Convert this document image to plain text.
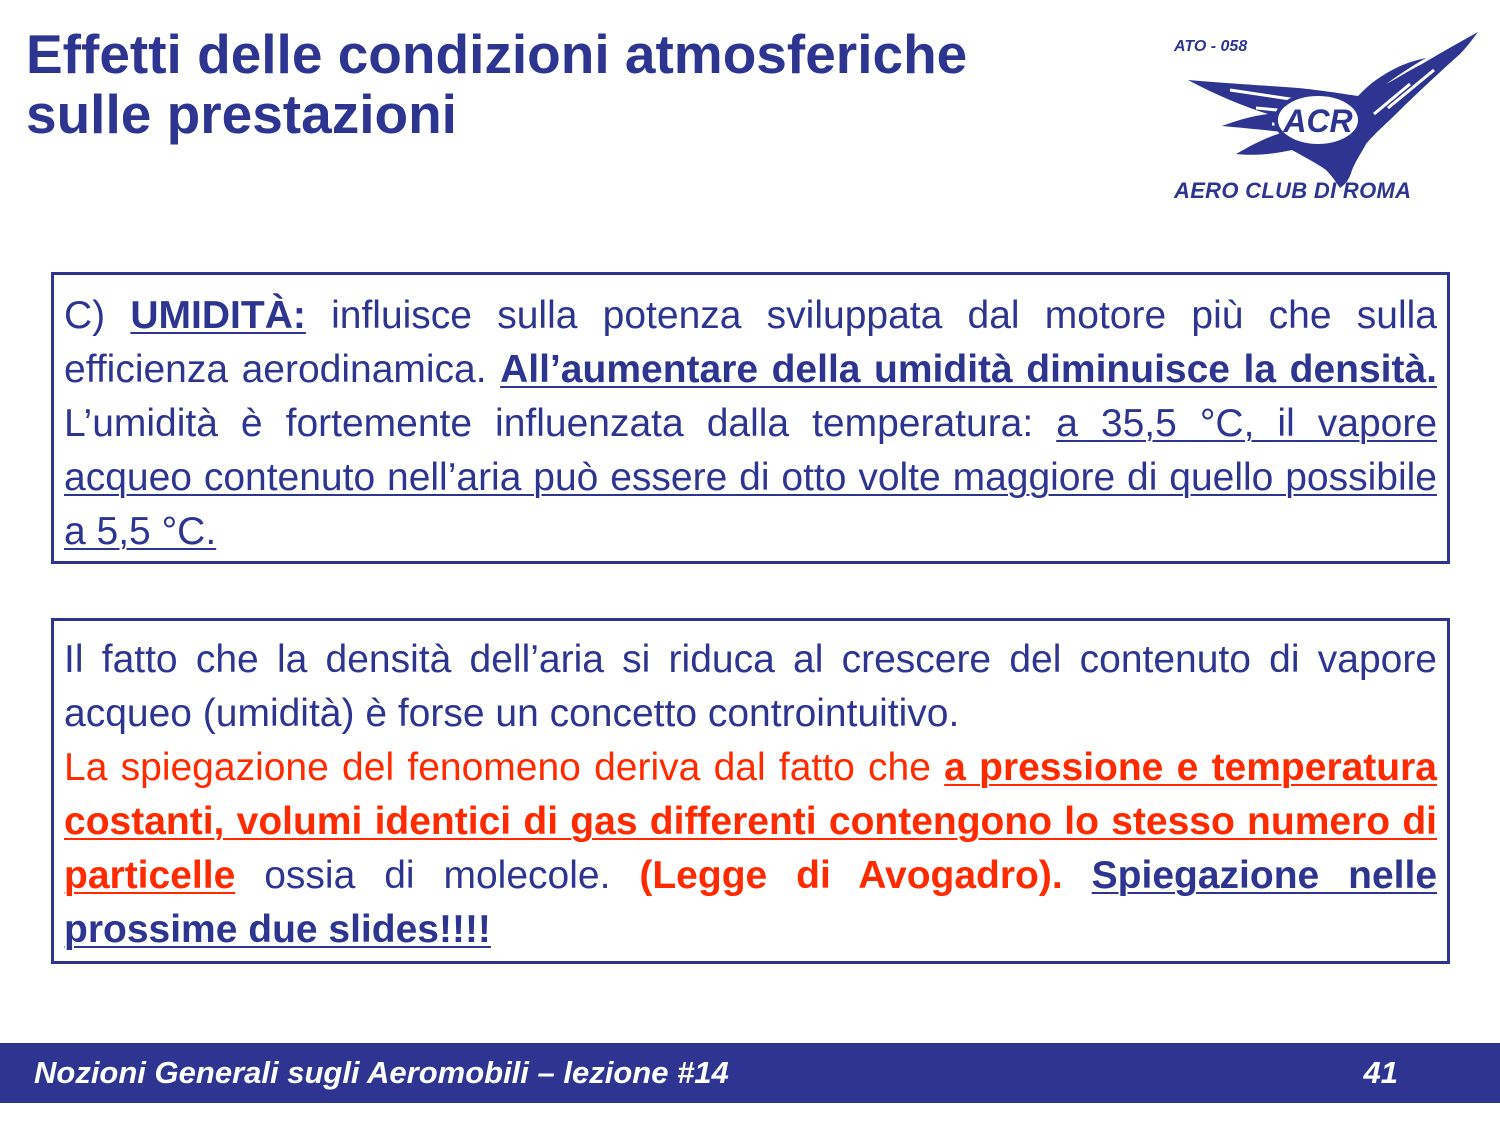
Effetti delle condizioni atmosferiche
sulle prestazioni	ACR
ATO - 058
AERO CLUB DI ROMA
C) UMIDITÀ: influisce sulla potenza sviluppata dal motore più che sulla efficienza aerodinamica. All’aumentare della umidità diminuisce la densità. L’umidità è fortemente influenzata dalla temperatura: a 35,5 °C, il vapore acqueo contenuto nell’aria può essere di otto volte maggiore di quello possibile a 5,5 °C.
Il fatto che la densità dell’aria si riduca al crescere del contenuto di vapore acqueo (umidità) è forse un concetto controintuitivo.
La spiegazione del fenomeno deriva dal fatto che a pressione e temperatura costanti, volumi identici di gas differenti contengono lo stesso numero di particelle ossia di molecole. (Legge di Avogadro). Spiegazione nelle prossime due slides!!!!
Nozioni Generali sugli Aeromobili – lezione #14	41
